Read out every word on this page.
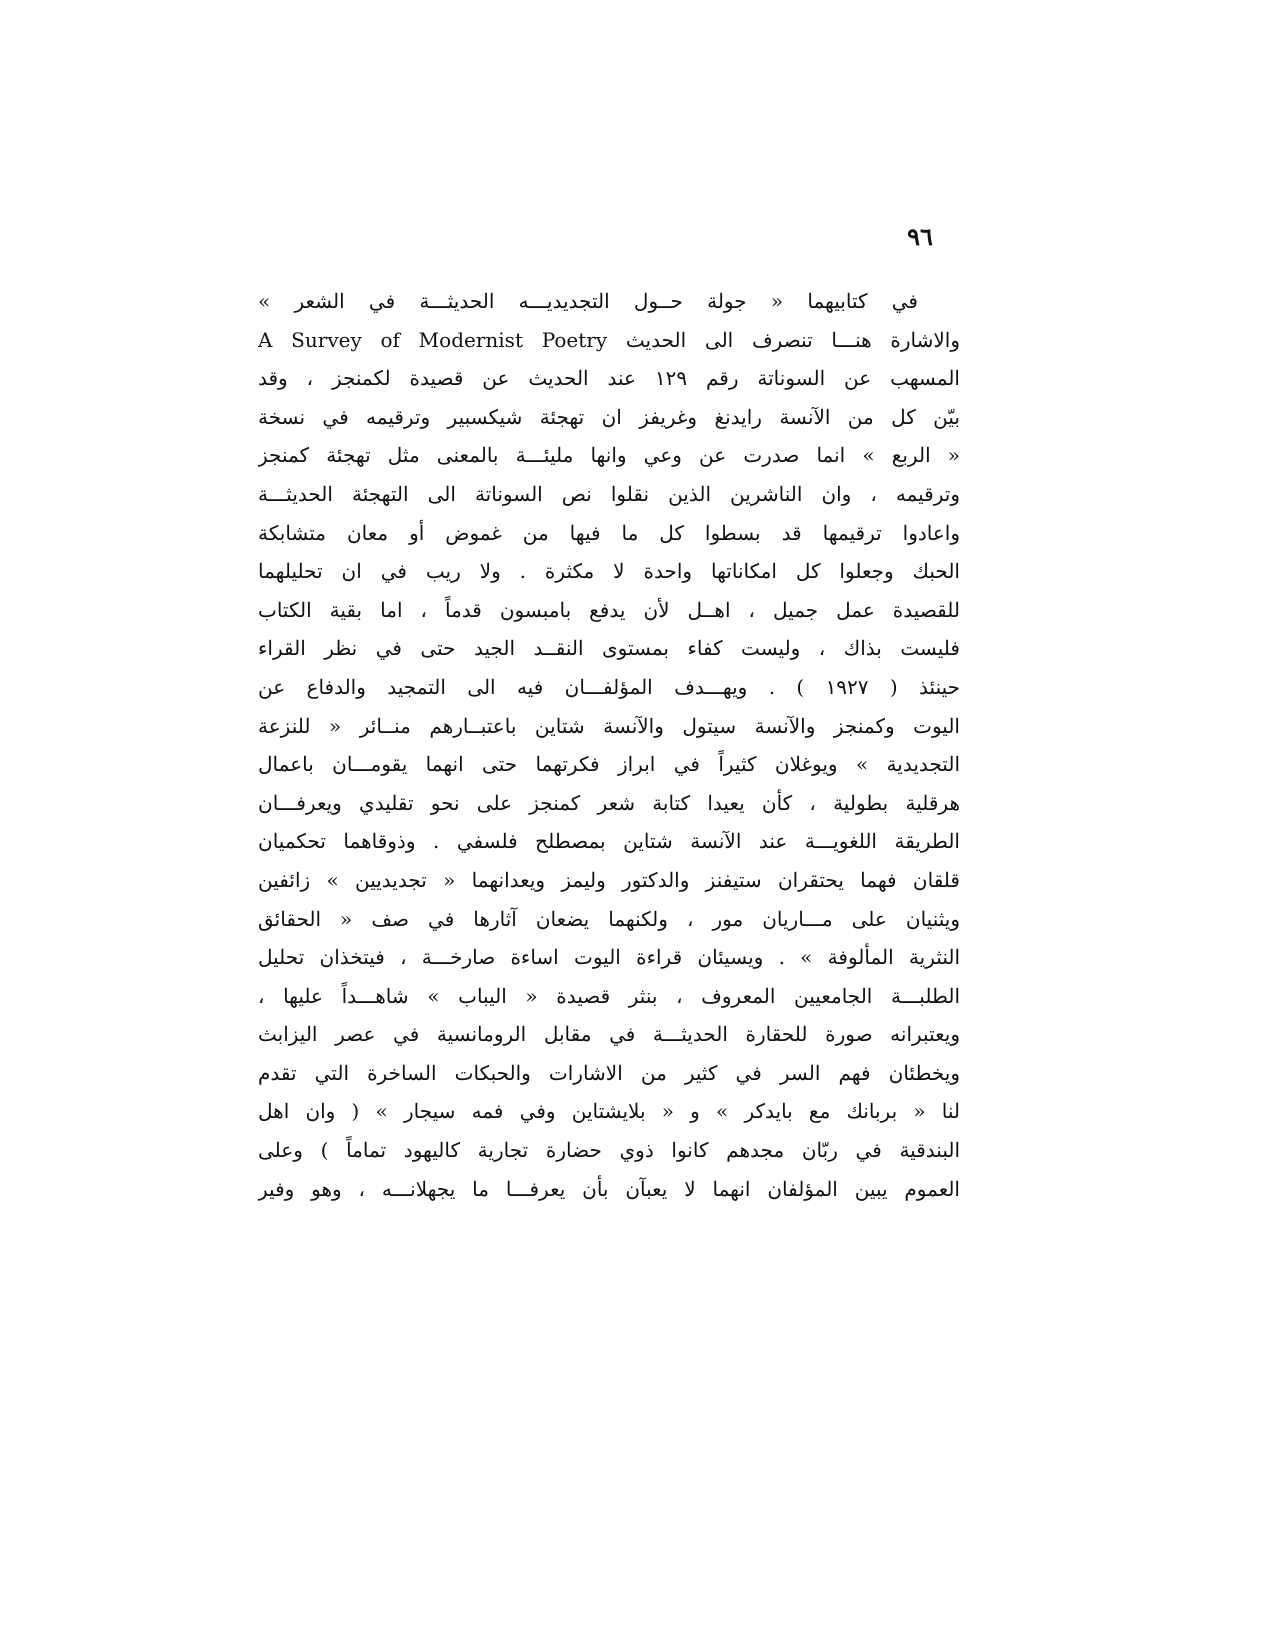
٩٦
في كتابيهما « جولة حــول التجديديـــه الحديثـــة في الشعر »
A Survey of Modernist Poetry والاشارة هنـــا تنصرف الى الحديث
المسهب عن السوناتة رقم ١٢٩ عند الحديث عن قصيدة لكمنجز ، وقد
بيّن كل من الآنسة رايدنغ وغريفز ان تهجئة شيكسبير وترقيمه في نسخة
« الربع » انما صدرت عن وعي وانها مليئـــة بالمعنى مثل تهجئة كمنجز
وترقيمه ، وان الناشرين الذين نقلوا نص السوناتة الى التهجئة الحديثـــة
واعادوا ترقيمها قد بسطوا كل ما فيها من غموض أو معان متشابكة
الحبك وجعلوا كل امكاناتها واحدة لا مكثرة . ولا ريب في ان تحليلهما
للقصيدة عمل جميل ، اهــل لأن يدفع بامبسون قدماً ، اما بقية الكتاب
فليست بذاك ، وليست كفاء بمستوى النقــد الجيد حتى في نظر القراء
حينئذ ( ١٩٢٧ ) . ويهـــدف المؤلفـــان فيه الى التمجيد والدفاع عن
اليوت وكمنجز والآنسة سيتول والآنسة شتاين باعتبــارهم منــائر « للنزعة
التجديدية » ويوغلان كثيراً في ابراز فكرتهما حتى انهما يقومـــان باعمال
هرقلية بطولية ، كأن يعيدا كتابة شعر كمنجز على نحو تقليدي ويعرفـــان
الطريقة اللغويـــة عند الآنسة شتاين بمصطلح فلسفي . وذوقاهما تحكميان
قلقان فهما يحتقران ستيفنز والدكتور وليمز ويعدانهما « تجديديين » زائفين
ويثنيان على مـــاريان مور ، ولكنهما يضعان آثارها في صف « الحقائق
النثرية المألوفة » . ويسيئان قراءة اليوت اساءة صارخـــة ، فيتخذان تحليل
الطلبـــة الجامعيين المعروف ، بنثر قصيدة « اليباب » شاهـــداً عليها ،
ويعتبرانه صورة للحقارة الحديثـــة في مقابل الرومانسية في عصر اليزابث
ويخطئان فهم السر في كثير من الاشارات والحبكات الساخرة التي تقدم
لنا « بربانك مع بايدكر » و « بلايشتاين وفي فمه سيجار » ( وان اهل
البندقية في ربّان مجدهم كانوا ذوي حضارة تجارية كاليهود تماماً ) وعلى
العموم يبين المؤلفان انهما لا يعبآن بأن يعرفـــا ما يجهلانـــه ، وهو وفير
